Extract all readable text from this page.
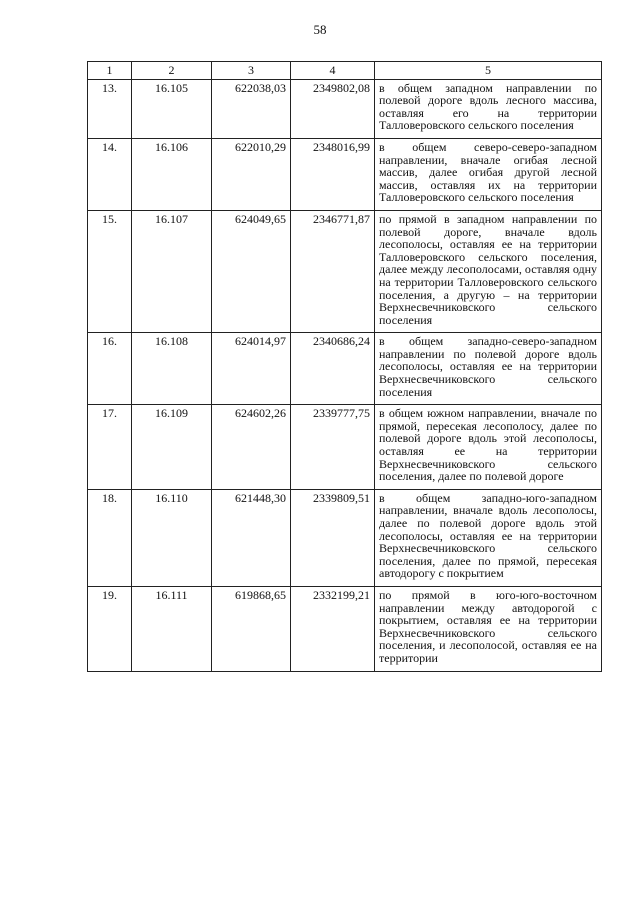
58
1	2	3	4	5
13.	16.105	622038,03	2349802,08	в общем западном направлении по полевой дороге вдоль лесного массива, оставляя его на территории Талловеровского сельского поселения
14.	16.106	622010,29	2348016,99	в общем северо-северо-западном направлении, вначале огибая лесной массив, далее огибая другой лесной массив, оставляя их на территории Талловеровского сельского поселения
15.	16.107	624049,65	2346771,87	по прямой в западном направлении по полевой дороге, вначале вдоль лесополосы, оставляя ее на территории Талловеровского сельского поселения, далее между лесополосами, оставляя одну на территории Талловеровского сельского поселения, а другую – на территории Верхнесвечниковского сельского поселения
16.	16.108	624014,97	2340686,24	в общем западно-северо-западном направлении по полевой дороге вдоль лесополосы, оставляя ее на территории Верхнесвечниковского сельского поселения
17.	16.109	624602,26	2339777,75	в общем южном направлении, вначале по прямой, пересекая лесополосу, далее по полевой дороге вдоль этой лесополосы, оставляя ее на территории Верхнесвечниковского сельского поселения, далее по полевой дороге
18.	16.110	621448,30	2339809,51	в общем западно-юго-западном направлении, вначале вдоль лесополосы, далее по полевой дороге вдоль этой лесополосы, оставляя ее на территории Верхнесвечниковского сельского поселения, далее по прямой, пересекая автодорогу с покрытием
19.	16.111	619868,65	2332199,21	по прямой в юго-юго-восточном направлении между автодорогой с покрытием, оставляя ее на территории Верхнесвечниковского сельского поселения, и лесополосой, оставляя ее на территории
